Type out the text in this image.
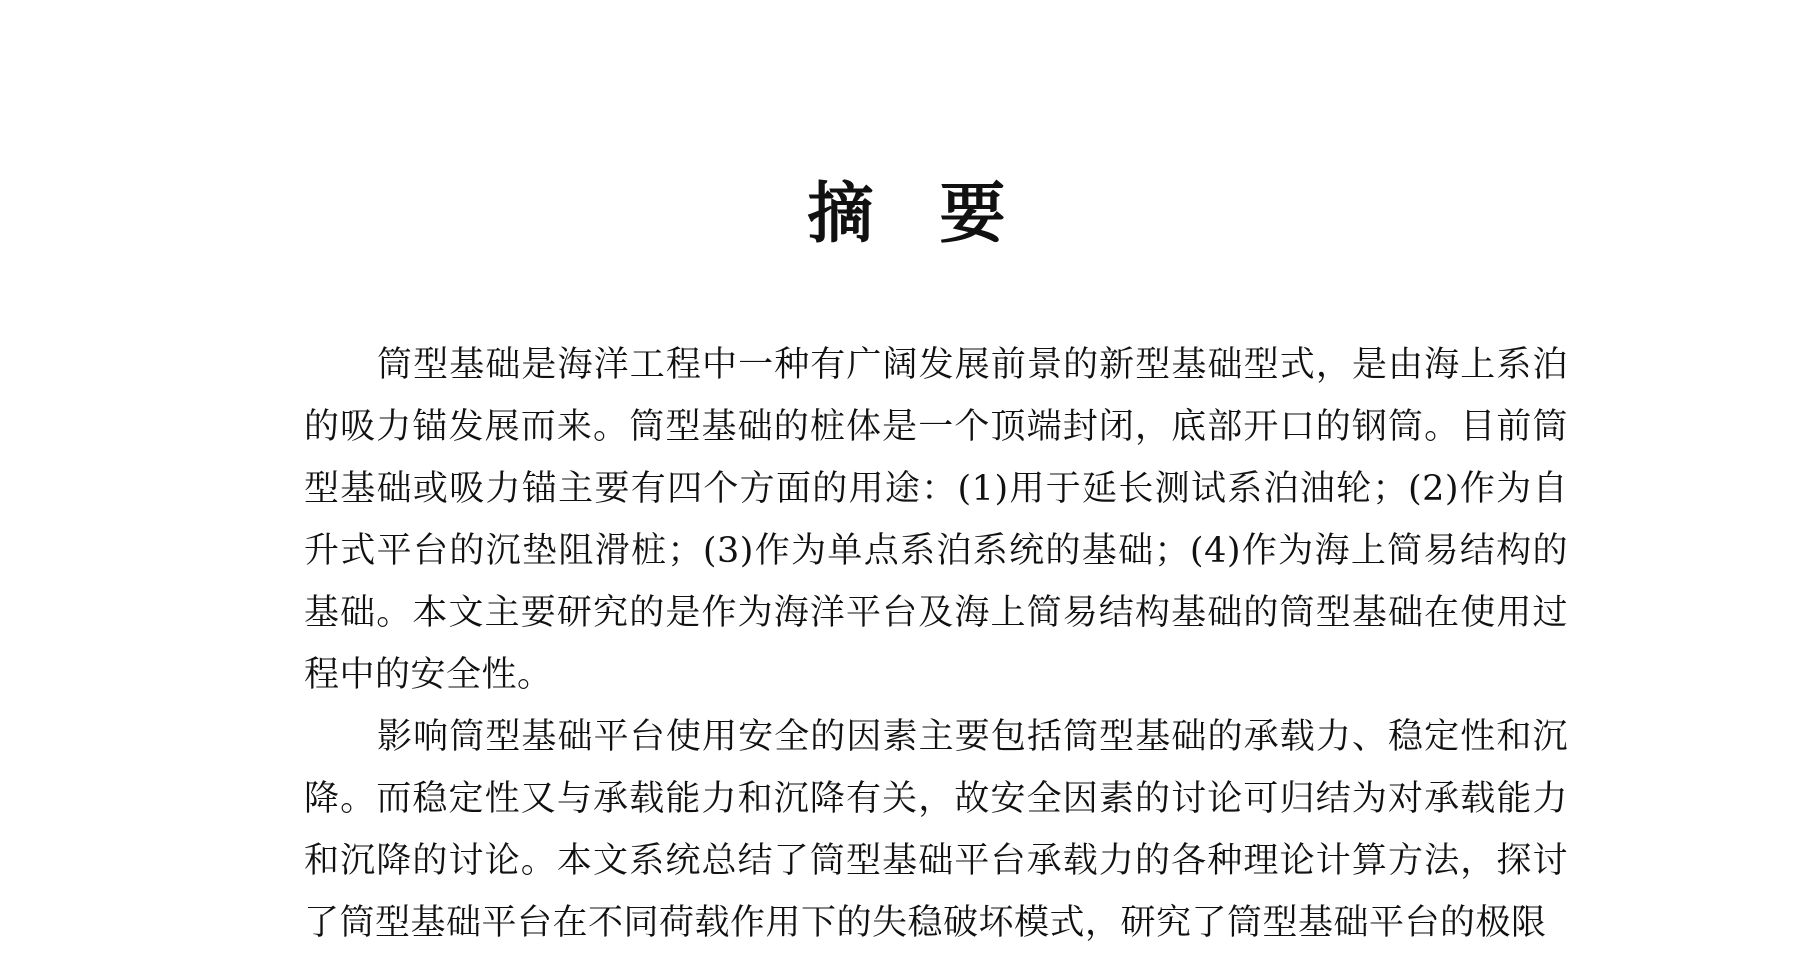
摘要

筒型基础是海洋工程中一种有广阔发展前景的新型基础型式，是由海上系泊的吸力锚发展而来。筒型基础的桩体是一个顶端封闭，底部开口的钢筒。目前筒型基础或吸力锚主要有四个方面的用途：(1)用于延长测试系泊油轮；(2)作为自升式平台的沉垫阻滑桩；(3)作为单点系泊系统的基础；(4)作为海上简易结构的基础。本文主要研究的是作为海洋平台及海上简易结构基础的筒型基础在使用过程中的安全性。

影响筒型基础平台使用安全的因素主要包括筒型基础的承载力、稳定性和沉降。而稳定性又与承载能力和沉降有关，故安全因素的讨论可归结为对承载能力和沉降的讨论。本文系统总结了筒型基础平台承载力的各种理论计算方法，探讨了筒型基础平台在不同荷载作用下的失稳破坏模式，研究了筒型基础平台的极限
